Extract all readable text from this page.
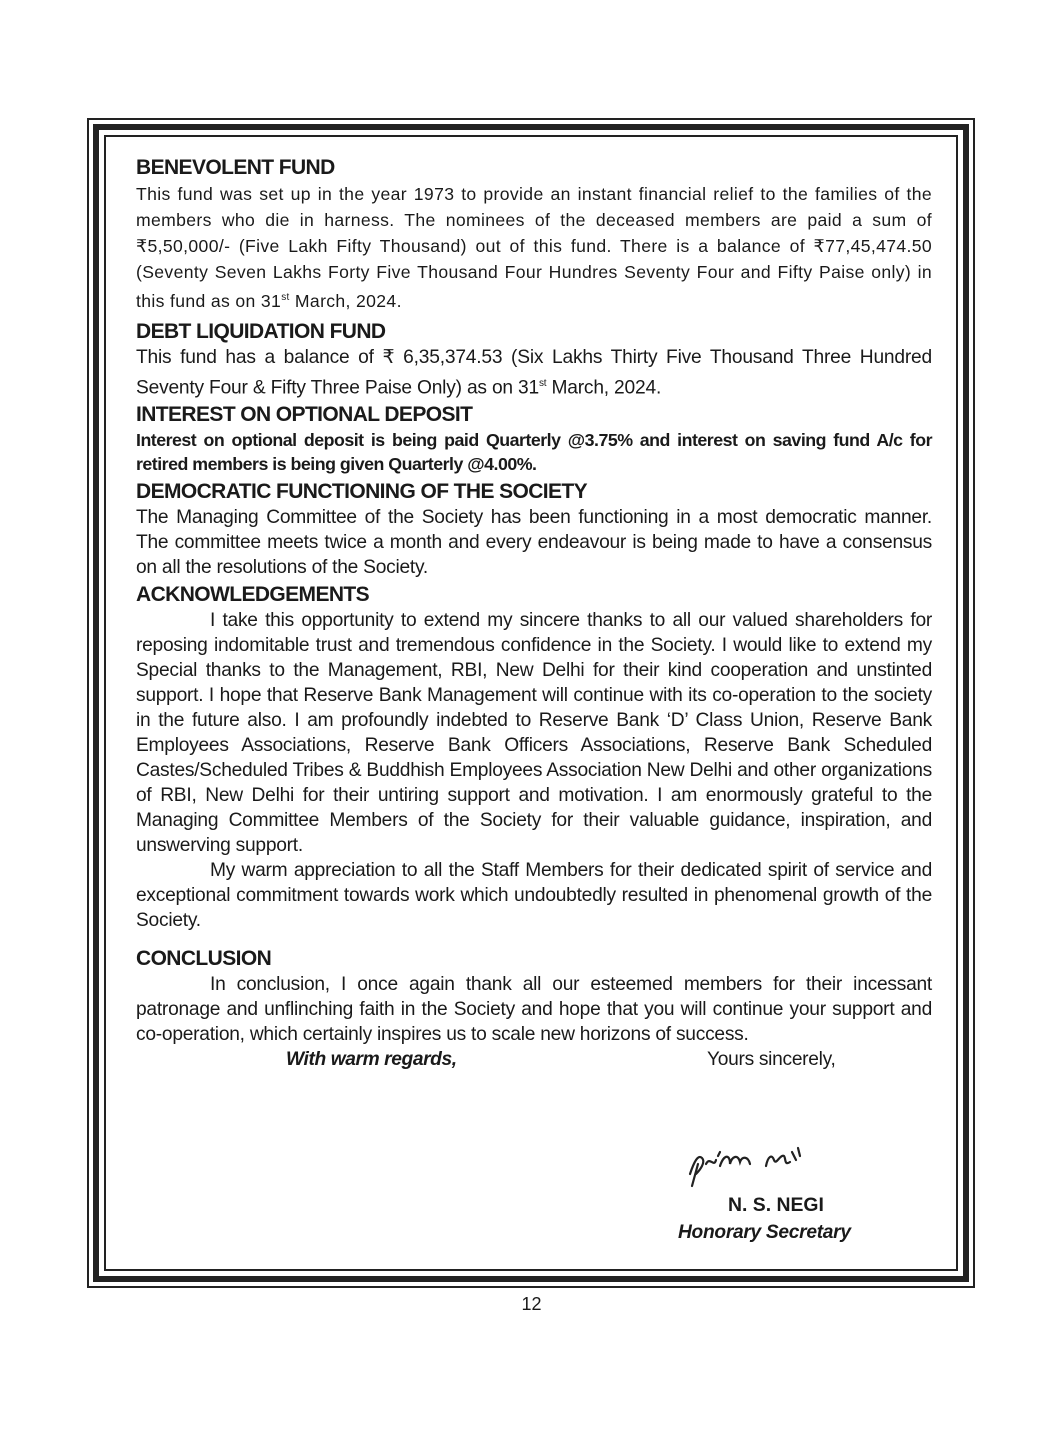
BENEVOLENT FUND

This fund was set up in the year 1973 to provide an instant financial relief to the families of the members who die in harness. The nominees of the deceased members are paid a sum of ₹5,50,000/- (Five Lakh Fifty Thousand) out of this fund. There is a balance of ₹77,45,474.50 (Seventy Seven Lakhs Forty Five Thousand Four Hundres Seventy Four and Fifty Paise only) in this fund as on 31st March, 2024.

DEBT LIQUIDATION FUND

This fund has a balance of ₹ 6,35,374.53 (Six Lakhs Thirty Five Thousand Three Hundred Seventy Four & Fifty Three Paise Only) as on 31st March, 2024.

INTEREST ON OPTIONAL DEPOSIT

Interest on optional deposit is being paid Quarterly @3.75% and interest on saving fund A/c for retired members is being given Quarterly @4.00%.

DEMOCRATIC FUNCTIONING OF THE SOCIETY

The Managing Committee of the Society has been functioning in a most democratic manner. The committee meets twice a month and every endeavour is being made to have a consensus on all the resolutions of the Society.

ACKNOWLEDGEMENTS

I take this opportunity to extend my sincere thanks to all our valued shareholders for reposing indomitable trust and tremendous confidence in the Society. I would like to extend my Special thanks to the Management, RBI, New Delhi for their kind cooperation and unstinted support. I hope that Reserve Bank Management will continue with its co-operation to the society in the future also. I am profoundly indebted to Reserve Bank ‘D’ Class Union, Reserve Bank Employees Associations, Reserve Bank Officers Associations, Reserve Bank Scheduled Castes/Scheduled Tribes & Buddhish Employees Association New Delhi and other organizations of RBI, New Delhi for their untiring support and motivation. I am enormously grateful to the Managing Committee Members of the Society for their valuable guidance, inspiration, and unswerving support.

My warm appreciation to all the Staff Members for their dedicated spirit of service and exceptional commitment towards work which undoubtedly resulted in phenomenal growth of the Society.

CONCLUSION

In conclusion, I once again thank all our esteemed members for their incessant patronage and unflinching faith in the Society and hope that you will continue your support and co-operation, which certainly inspires us to scale new horizons of success.

With warm regards,	Yours sincerely,
N. S. NEGI
Honorary Secretary
12
